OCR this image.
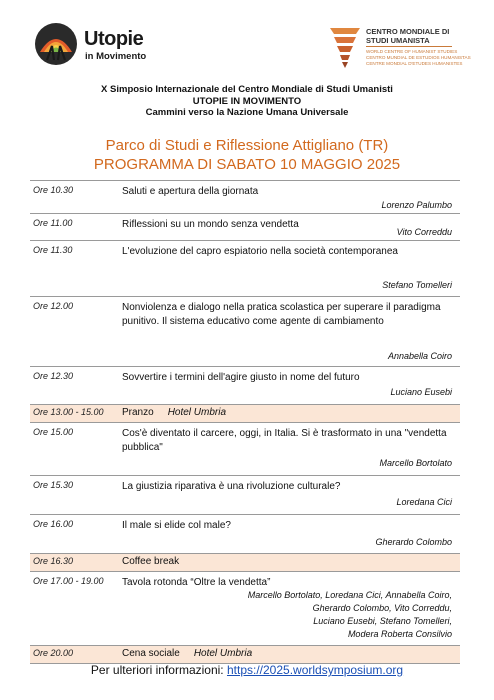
Utopie
in Movimento
CENTRO MONDIALE DI
STUDI UMANISTA
WORLD CENTRE OF HUMANIST STUDIES
CENTRO MUNDIAL DE ESTUDIOS HUMANISTAS
CENTRE MONDIAL D'ETUDES HUMANISTES
X Simposio Internazionale del Centro Mondiale di Studi Umanisti
UTOPIE IN MOVIMENTO
Cammini verso la Nazione Umana Universale
Parco di Studi e Riflessione Attigliano (TR)
PROGRAMMA DI SABATO 10 MAGGIO 2025
Ore 10.30	Saluti e apertura della giornata
Lorenzo Palumbo
Ore 11.00	Riflessioni su un mondo senza vendetta
Vito Correddu
Ore 11.30	L'evoluzione del capro espiatorio nella società contemporanea
Stefano Tomelleri
Ore 12.00	Nonviolenza e dialogo nella pratica scolastica per superare il paradigma punitivo. Il sistema educativo come agente di cambiamento
Annabella Coiro
Ore 12.30	Sovvertire i termini dell'agire giusto in nome del futuro
Luciano Eusebi
Ore 13.00 - 15.00 Pranzo Hotel Umbria
Ore 15.00	Cos'è diventato il carcere, oggi, in Italia. Si è trasformato in una "vendetta pubblica"
Marcello Bortolato
Ore 15.30	La giustizia riparativa è una rivoluzione culturale?
Loredana Cici
Ore 16.00	Il male si elide col male?
Gherardo Colombo
Ore 16.30	Coffee break
Ore 17.00 - 19.00 Tavola rotonda “Oltre la vendetta”
Marcello Bortolato, Loredana Cici, Annabella Coiro,
Gherardo Colombo, Vito Correddu,
Luciano Eusebi, Stefano Tomelleri,
Modera Roberta Consilvio
Ore 20.00	Cena sociale Hotel Umbria
Per ulteriori informazioni: https://2025.worldsymposium.org
